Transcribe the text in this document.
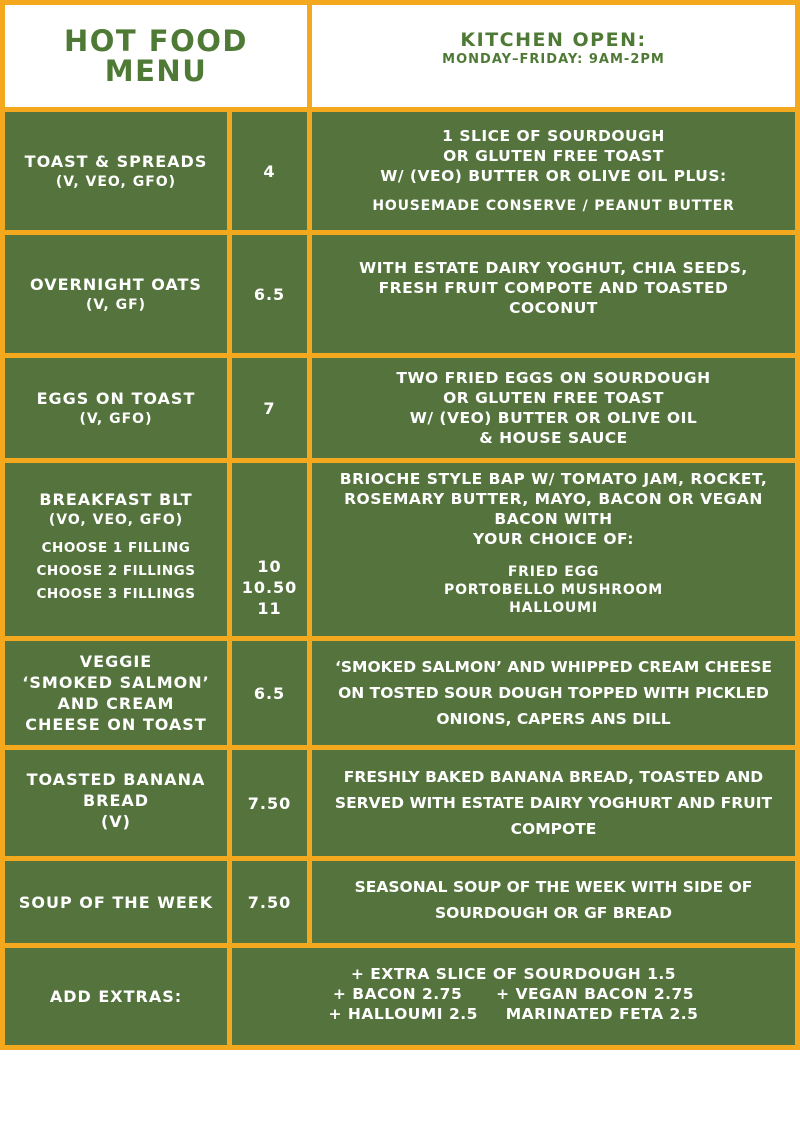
HOT FOOD
MENU
KITCHEN OPEN:
MONDAY–FRIDAY: 9AM-2PM
TOAST & SPREADS
(V, VEO, GFO)
4
1 SLICE OF SOURDOUGH
OR GLUTEN FREE TOAST
W/ (VEO) BUTTER OR OLIVE OIL PLUS:
HOUSEMADE CONSERVE / PEANUT BUTTER
OVERNIGHT OATS
(V, GF)
6.5
WITH ESTATE DAIRY YOGHUT, CHIA SEEDS,
FRESH FRUIT COMPOTE AND TOASTED
COCONUT
EGGS ON TOAST
(V, GFO)
7
TWO FRIED EGGS ON SOURDOUGH
OR GLUTEN FREE TOAST
W/ (VEO) BUTTER OR OLIVE OIL
& HOUSE SAUCE
BREAKFAST BLT
(VO, VEO, GFO)
CHOOSE 1 FILLING
CHOOSE 2 FILLINGS
CHOOSE 3 FILLINGS
10
10.50
11
BRIOCHE STYLE BAP W/ TOMATO JAM, ROCKET,
ROSEMARY BUTTER, MAYO, BACON OR VEGAN
BACON WITH
YOUR CHOICE OF:
FRIED EGG
PORTOBELLO MUSHROOM
HALLOUMI
VEGGIE
‘SMOKED SALMON’
AND CREAM
CHEESE ON TOAST
6.5
‘SMOKED SALMON’ AND WHIPPED CREAM CHEESE
ON TOSTED SOUR DOUGH TOPPED WITH PICKLED
ONIONS, CAPERS ANS DILL
TOASTED BANANA
BREAD
(V)
7.50
FRESHLY BAKED BANANA BREAD, TOASTED AND
SERVED WITH ESTATE DAIRY YOGHURT AND FRUIT
COMPOTE
SOUP OF THE WEEK 7.50
SEASONAL SOUP OF THE WEEK WITH SIDE OF
SOURDOUGH OR GF BREAD
ADD EXTRAS:
+ EXTRA SLICE OF SOURDOUGH 1.5
+ BACON 2.75 + VEGAN BACON 2.75
+ HALLOUMI 2.5 MARINATED FETA 2.5
